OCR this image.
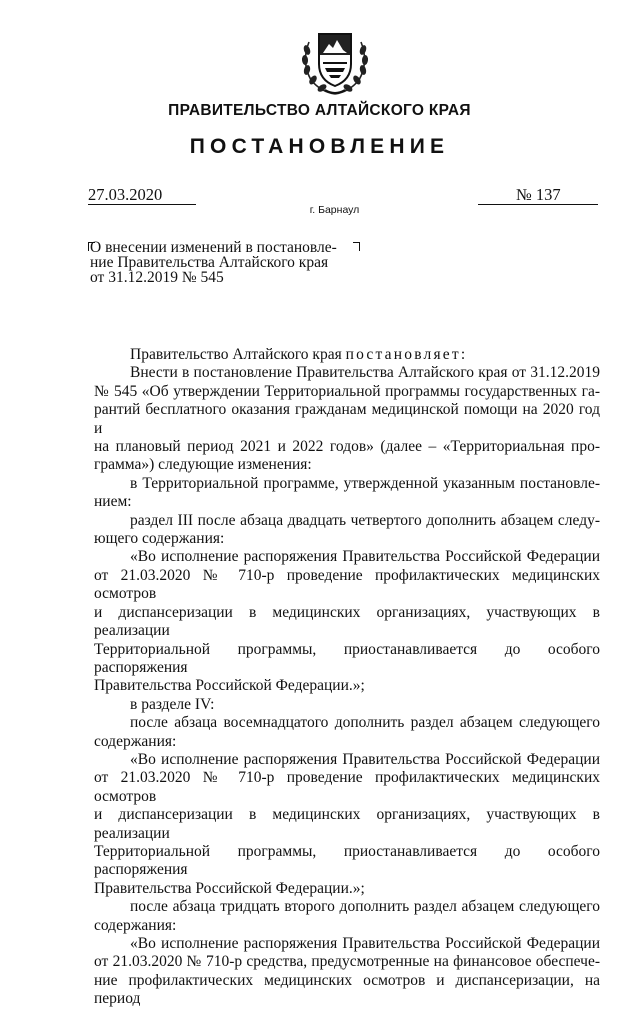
ПРАВИТЕЛЬСТВО АЛТАЙСКОГО КРАЯ
ПОСТАНОВЛЕНИЕ
27.03.2020	№ 137
г. Барнаул
О внесении изменений в постановле-
ние Правительства Алтайского края
от 31.12.2019 № 545
Правительство Алтайского края постановляет:
Внести в постановление Правительства Алтайского края от 31.12.2019
№ 545 «Об утверждении Территориальной программы государственных га-
рантий бесплатного оказания гражданам медицинской помощи на 2020 год и
на плановый период 2021 и 2022 годов» (далее – «Территориальная про-
грамма») следующие изменения:
в Территориальной программе, утвержденной указанным постановле-
нием:
раздел III после абзаца двадцать четвертого дополнить абзацем следу-
ющего содержания:
«Во исполнение распоряжения Правительства Российской Федерации
от 21.03.2020 № 710-р проведение профилактических медицинских осмотров
и диспансеризации в медицинских организациях, участвующих в реализации
Территориальной программы, приостанавливается до особого распоряжения
Правительства Российской Федерации.»;
в разделе IV:
после абзаца восемнадцатого дополнить раздел абзацем следующего
содержания:
«Во исполнение распоряжения Правительства Российской Федерации
от 21.03.2020 № 710-р проведение профилактических медицинских осмотров
и диспансеризации в медицинских организациях, участвующих в реализации
Территориальной программы, приостанавливается до особого распоряжения
Правительства Российской Федерации.»;
после абзаца тридцать второго дополнить раздел абзацем следующего
содержания:
«Во исполнение распоряжения Правительства Российской Федерации
от 21.03.2020 № 710-р средства, предусмотренные на финансовое обеспече-
ние профилактических медицинских осмотров и диспансеризации, на период
